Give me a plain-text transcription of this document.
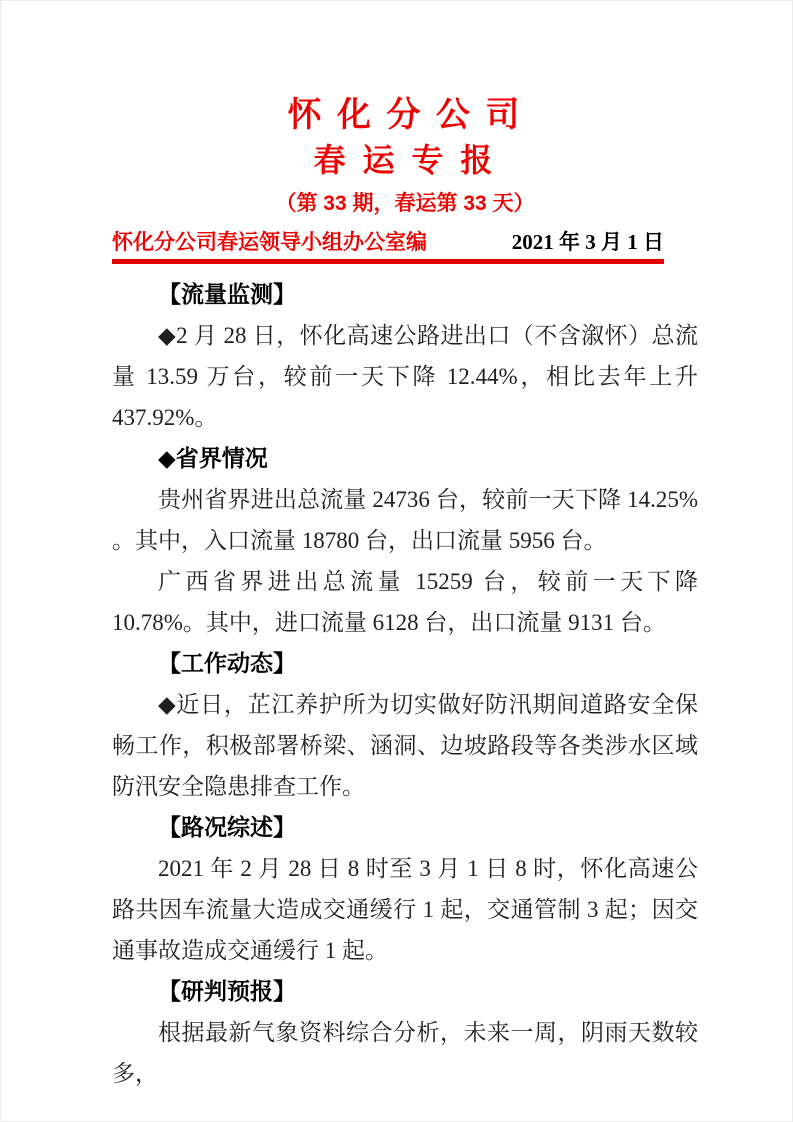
怀 化 分 公 司
春 运 专 报
（第 33 期，春运第 33 天）
怀化分公司春运领导小组办公室编	2021 年 3 月 1 日
【流量监测】
◆2 月 28 日，怀化高速公路进出口（不含溆怀）总流量 13.59 万台，较前一天下降 12.44%，相比去年上升 437.92%。
◆省界情况
贵州省界进出总流量 24736 台，较前一天下降 14.25% 。其中，入口流量 18780 台，出口流量 5956 台。
广西省界进出总流量 15259 台，较前一天下降 10.78%。其中，进口流量 6128 台，出口流量 9131 台。
【工作动态】
◆近日，芷江养护所为切实做好防汛期间道路安全保畅工作，积极部署桥梁、涵洞、边坡路段等各类涉水区域防汛安全隐患排查工作。
【路况综述】
2021 年 2 月 28 日 8 时至 3 月 1 日 8 时，怀化高速公路共因车流量大造成交通缓行 1 起，交通管制 3 起；因交通事故造成交通缓行 1 起。
【研判预报】
根据最新气象资料综合分析，未来一周，阴雨天数较多，
